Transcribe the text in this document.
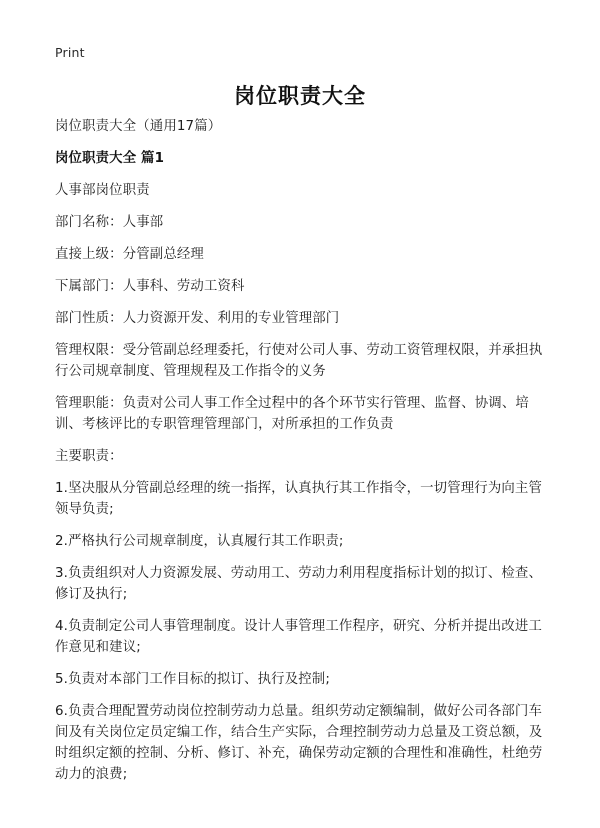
Print
岗位职责大全

岗位职责大全（通用17篇）

岗位职责大全 篇1

人事部岗位职责

部门名称：人事部

直接上级：分管副总经理

下属部门：人事科、劳动工资科

部门性质：人力资源开发、利用的专业管理部门

管理权限：受分管副总经理委托，行使对公司人事、劳动工资管理权限，并承担执行公司规章制度、管理规程及工作指令的义务

管理职能：负责对公司人事工作全过程中的各个环节实行管理、监督、协调、培训、考核评比的专职管理管理部门，对所承担的工作负责

主要职责：

1.坚决服从分管副总经理的统一指挥，认真执行其工作指令，一切管理行为向主管领导负责;

2.严格执行公司规章制度，认真履行其工作职责;

3.负责组织对人力资源发展、劳动用工、劳动力利用程度指标计划的拟订、检查、修订及执行;

4.负责制定公司人事管理制度。设计人事管理工作程序，研究、分析并提出改进工作意见和建议;

5.负责对本部门工作目标的拟订、执行及控制;

6.负责合理配置劳动岗位控制劳动力总量。组织劳动定额编制，做好公司各部门车间及有关岗位定员定编工作，结合生产实际，合理控制劳动力总量及工资总额，及时组织定额的控制、分析、修订、补充，确保劳动定额的合理性和准确性，杜绝劳动力的浪费;
